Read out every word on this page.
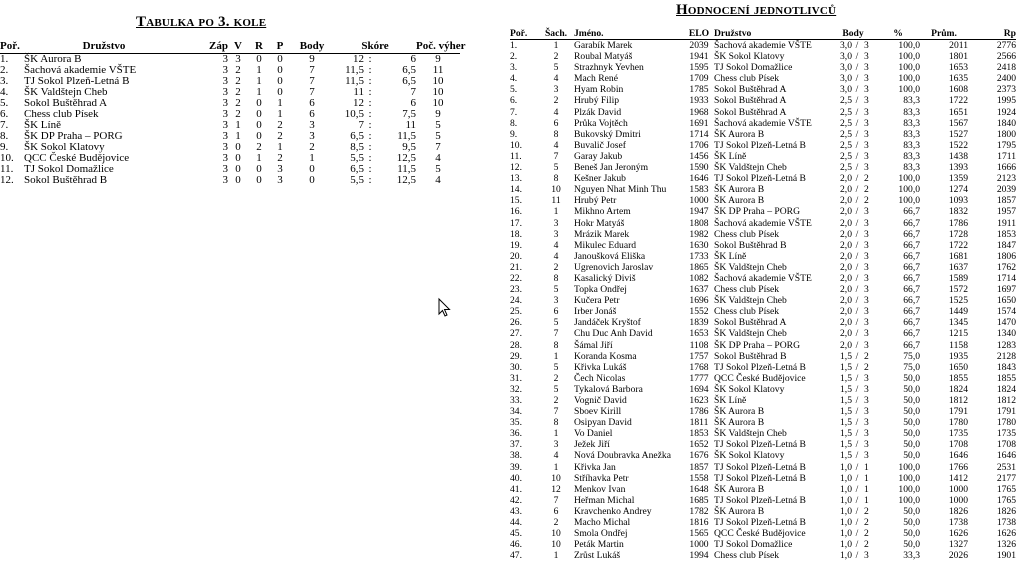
Tabulka po 3. kole
Poř.	Družstvo	Záp	V	R	P	Body	Skóre			Poč. výher
1.	ŠK Aurora B	3	3	0	0	9	12	:	6	9
2.	Šachová akademie VŠTE	3	2	1	0	7	11,5	:	6,5	11
3.	TJ Sokol Plzeň-Letná B	3	2	1	0	7	11,5	:	6,5	10
4.	ŠK Valdštejn Cheb	3	2	1	0	7	11	:	7	10
5.	Sokol Buštěhrad A	3	2	0	1	6	12	:	6	10
6.	Chess club Písek	3	2	0	1	6	10,5	:	7,5	9
7.	ŠK Líně	3	1	0	2	3	7	:	11	5
8.	ŠK DP Praha – PORG	3	1	0	2	3	6,5	:	11,5	5
9.	ŠK Sokol Klatovy	3	0	2	1	2	8,5	:	9,5	7
10.	QCC České Budějovice	3	0	1	2	1	5,5	:	12,5	4
11.	TJ Sokol Domažlice	3	0	0	3	0	6,5	:	11,5	5
12.	Sokol Buštěhrad B	3	0	0	3	0	5,5	:	12,5	4
Hodnocení jednotlivců
Poř.	Šach.	Jméno.	ELO	Družstvo	Body			%	Prům.	Rp
1.	1	Garabík Marek	2039	Šachová akademie VŠTE	3,0	/	3	100,0	2011	2776
2.	2	Roubal Matyáš	1941	ŠK Sokol Klatovy	3,0	/	3	100,0	1801	2566
3.	5	Strazhnyk Yevhen	1595	TJ Sokol Domažlice	3,0	/	3	100,0	1653	2418
4.	4	Mach René	1709	Chess club Písek	3,0	/	3	100,0	1635	2400
5.	3	Hyam Robin	1785	Sokol Buštěhrad A	3,0	/	3	100,0	1608	2373
6.	2	Hrubý Filip	1933	Sokol Buštěhrad A	2,5	/	3	83,3	1722	1995
7.	4	Plzák David	1968	Sokol Buštěhrad A	2,5	/	3	83,3	1651	1924
8.	6	Průka Vojtěch	1691	Šachová akademie VŠTE	2,5	/	3	83,3	1567	1840
9.	8	Bukovský Dmitri	1714	ŠK Aurora B	2,5	/	3	83,3	1527	1800
10.	4	Buvalič Josef	1706	TJ Sokol Plzeň-Letná B	2,5	/	3	83,3	1522	1795
11.	7	Garay Jakub	1456	ŠK Líně	2,5	/	3	83,3	1438	1711
12.	5	Beneš Jan Jeroným	1590	ŠK Valdštejn Cheb	2,5	/	3	83,3	1393	1666
13.	8	Kešner Jakub	1646	TJ Sokol Plzeň-Letná B	2,0	/	2	100,0	1359	2123
14.	10	Nguyen Nhat Minh Thu	1583	ŠK Aurora B	2,0	/	2	100,0	1274	2039
15.	11	Hrubý Petr	1000	ŠK Aurora B	2,0	/	2	100,0	1093	1857
16.	1	Mikhno Artem	1947	ŠK DP Praha – PORG	2,0	/	3	66,7	1832	1957
17.	3	Hokr Matyáš	1808	Šachová akademie VŠTE	2,0	/	3	66,7	1786	1911
18.	3	Mrázik Marek	1982	Chess club Písek	2,0	/	3	66,7	1728	1853
19.	4	Mikulec Eduard	1630	Sokol Buštěhrad B	2,0	/	3	66,7	1722	1847
20.	4	Janoušková Eliška	1733	ŠK Líně	2,0	/	3	66,7	1681	1806
21.	2	Ugrenovich Jaroslav	1865	ŠK Valdštejn Cheb	2,0	/	3	66,7	1637	1762
22.	8	Kasalický Diviš	1082	Šachová akademie VŠTE	2,0	/	3	66,7	1589	1714
23.	5	Topka Ondřej	1637	Chess club Písek	2,0	/	3	66,7	1572	1697
24.	3	Kučera Petr	1696	ŠK Valdštejn Cheb	2,0	/	3	66,7	1525	1650
25.	6	Irber Jonáš	1552	Chess club Písek	2,0	/	3	66,7	1449	1574
26.	5	Jandáček Kryštof	1839	Sokol Buštěhrad A	2,0	/	3	66,7	1345	1470
27.	7	Chu Duc Anh David	1653	ŠK Valdštejn Cheb	2,0	/	3	66,7	1215	1340
28.	8	Šámal Jiří	1108	ŠK DP Praha – PORG	2,0	/	3	66,7	1158	1283
29.	1	Koranda Kosma	1757	Sokol Buštěhrad B	1,5	/	2	75,0	1935	2128
30.	5	Křivka Lukáš	1768	TJ Sokol Plzeň-Letná B	1,5	/	2	75,0	1650	1843
31.	2	Čech Nicolas	1777	QCC České Budějovice	1,5	/	3	50,0	1855	1855
32.	5	Tykalová Barbora	1694	ŠK Sokol Klatovy	1,5	/	3	50,0	1824	1824
33.	2	Vognič David	1623	ŠK Líně	1,5	/	3	50,0	1812	1812
34.	7	Sboev Kirill	1786	ŠK Aurora B	1,5	/	3	50,0	1791	1791
35.	8	Osipyan David	1811	ŠK Aurora B	1,5	/	3	50,0	1780	1780
36.	1	Vo Daniel	1853	ŠK Valdštejn Cheb	1,5	/	3	50,0	1735	1735
37.	3	Ježek Jiří	1652	TJ Sokol Plzeň-Letná B	1,5	/	3	50,0	1708	1708
38.	4	Nová Doubravka Anežka	1676	ŠK Sokol Klatovy	1,5	/	3	50,0	1646	1646
39.	1	Křivka Jan	1857	TJ Sokol Plzeň-Letná B	1,0	/	1	100,0	1766	2531
40.	10	Stříhavka Petr	1558	TJ Sokol Plzeň-Letná B	1,0	/	1	100,0	1412	2177
41.	12	Menkov Ivan	1648	ŠK Aurora B	1,0	/	1	100,0	1000	1765
42.	7	Heřman Michal	1685	TJ Sokol Plzeň-Letná B	1,0	/	1	100,0	1000	1765
43.	6	Kravchenko Andrey	1782	ŠK Aurora B	1,0	/	2	50,0	1826	1826
44.	2	Macho Michal	1816	TJ Sokol Plzeň-Letná B	1,0	/	2	50,0	1738	1738
45.	10	Smola Ondřej	1565	QCC České Budějovice	1,0	/	2	50,0	1626	1626
46.	10	Peták Martin	1000	TJ Sokol Domažlice	1,0	/	2	50,0	1327	1326
47.	1	Zrůst Lukáš	1994	Chess club Písek	1,0	/	3	33,3	2026	1901
